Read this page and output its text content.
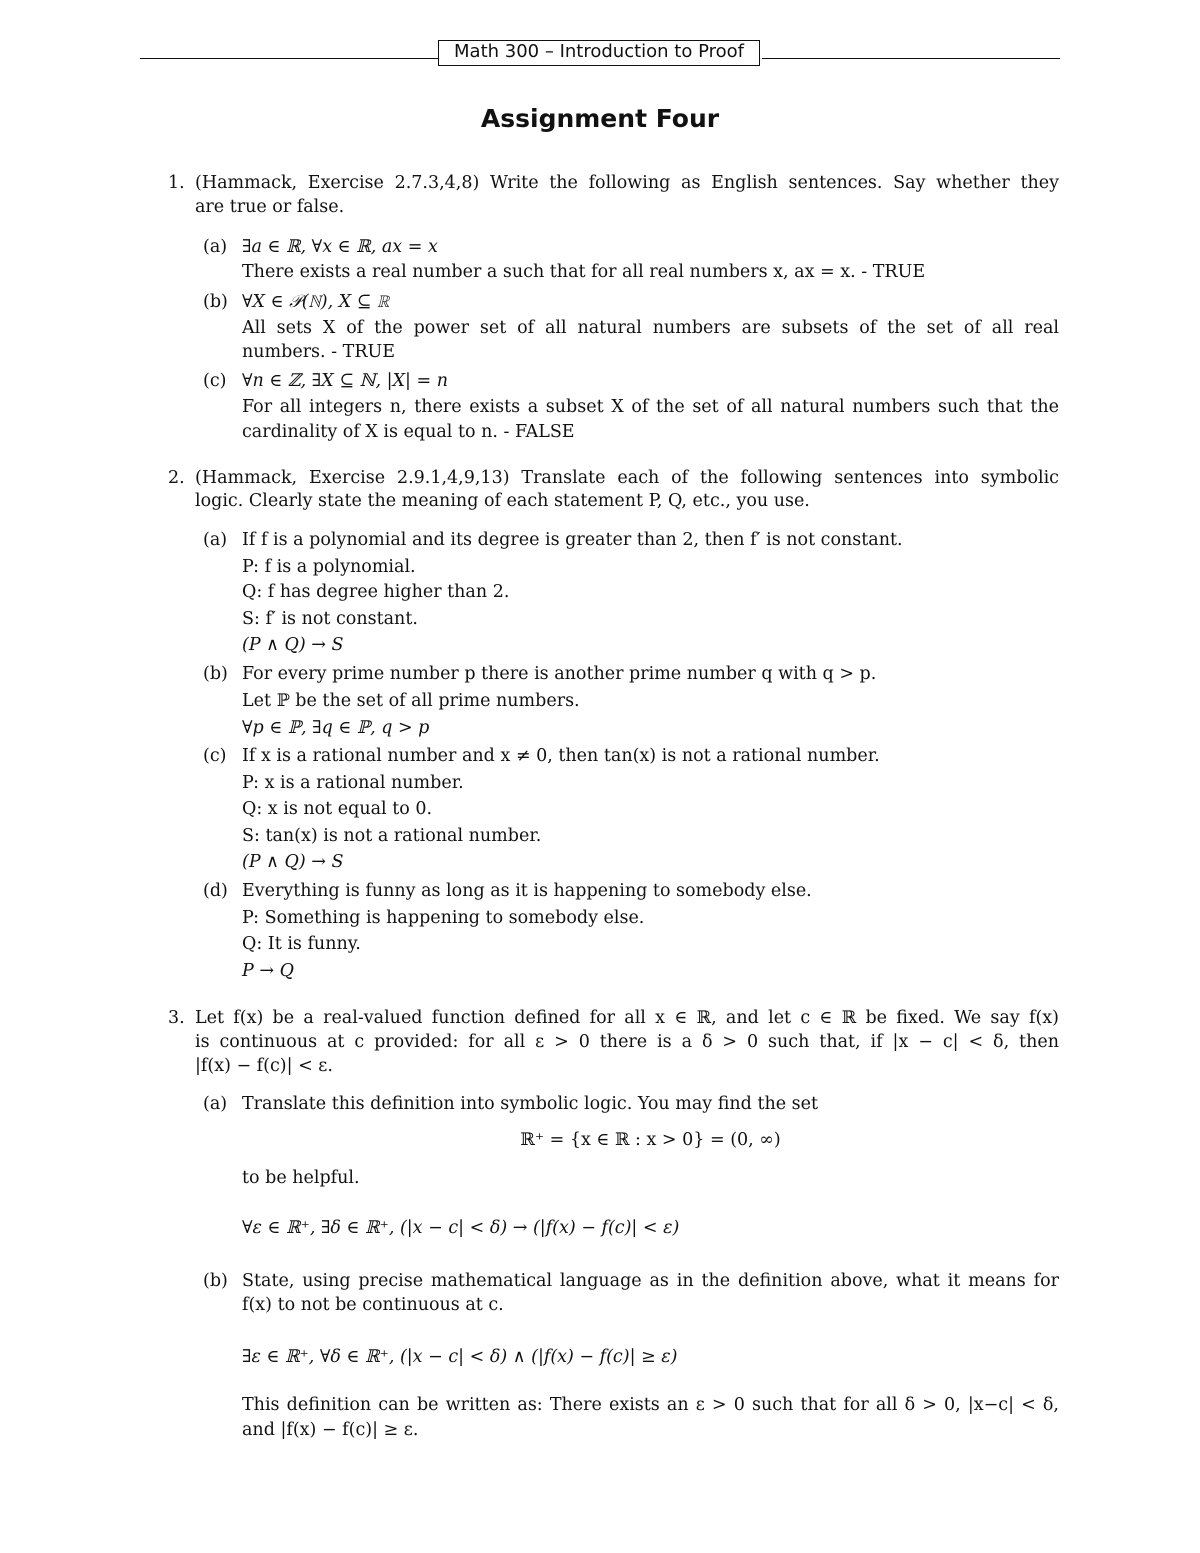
Math 300 – Introduction to Proof
Assignment Four
1. (Hammack, Exercise 2.7.3,4,8) Write the following as English sentences. Say whether they
are true or false.
(a) ∃a ∈ ℝ, ∀x ∈ ℝ, ax = x
There exists a real number a such that for all real numbers x, ax = x. - TRUE
(b) ∀X ∈ 𝒫(ℕ), X ⊆ ℝ
All sets X of the power set of all natural numbers are subsets of the set of all real
numbers. - TRUE
(c) ∀n ∈ ℤ, ∃X ⊆ ℕ, |X| = n
For all integers n, there exists a subset X of the set of all natural numbers such that the
cardinality of X is equal to n. - FALSE
2. (Hammack, Exercise 2.9.1,4,9,13) Translate each of the following sentences into symbolic
logic. Clearly state the meaning of each statement P, Q, etc., you use.
(a) If f is a polynomial and its degree is greater than 2, then f′ is not constant.
P: f is a polynomial.
Q: f has degree higher than 2.
S: f′ is not constant.
(P ∧ Q) → S
(b) For every prime number p there is another prime number q with q > p.
Let ℙ be the set of all prime numbers.
∀p ∈ ℙ, ∃q ∈ ℙ, q > p
(c) If x is a rational number and x ≠ 0, then tan(x) is not a rational number.
P: x is a rational number.
Q: x is not equal to 0.
S: tan(x) is not a rational number.
(P ∧ Q) → S
(d) Everything is funny as long as it is happening to somebody else.
P: Something is happening to somebody else.
Q: It is funny.
P → Q
3. Let f(x) be a real-valued function defined for all x ∈ ℝ, and let c ∈ ℝ be fixed. We say f(x)
is continuous at c provided: for all ε > 0 there is a δ > 0 such that, if |x − c| < δ, then
|f(x) − f(c)| < ε.
(a) Translate this definition into symbolic logic. You may find the set
ℝ⁺ = {x ∈ ℝ : x > 0} = (0, ∞)
to be helpful.
∀ε ∈ ℝ⁺, ∃δ ∈ ℝ⁺, (|x − c| < δ) → (|f(x) − f(c)| < ε)
(b) State, using precise mathematical language as in the definition above, what it means for
f(x) to not be continuous at c.
∃ε ∈ ℝ⁺, ∀δ ∈ ℝ⁺, (|x − c| < δ) ∧ (|f(x) − f(c)| ≥ ε)
This definition can be written as: There exists an ε > 0 such that for all δ > 0, |x−c| < δ,
and |f(x) − f(c)| ≥ ε.
